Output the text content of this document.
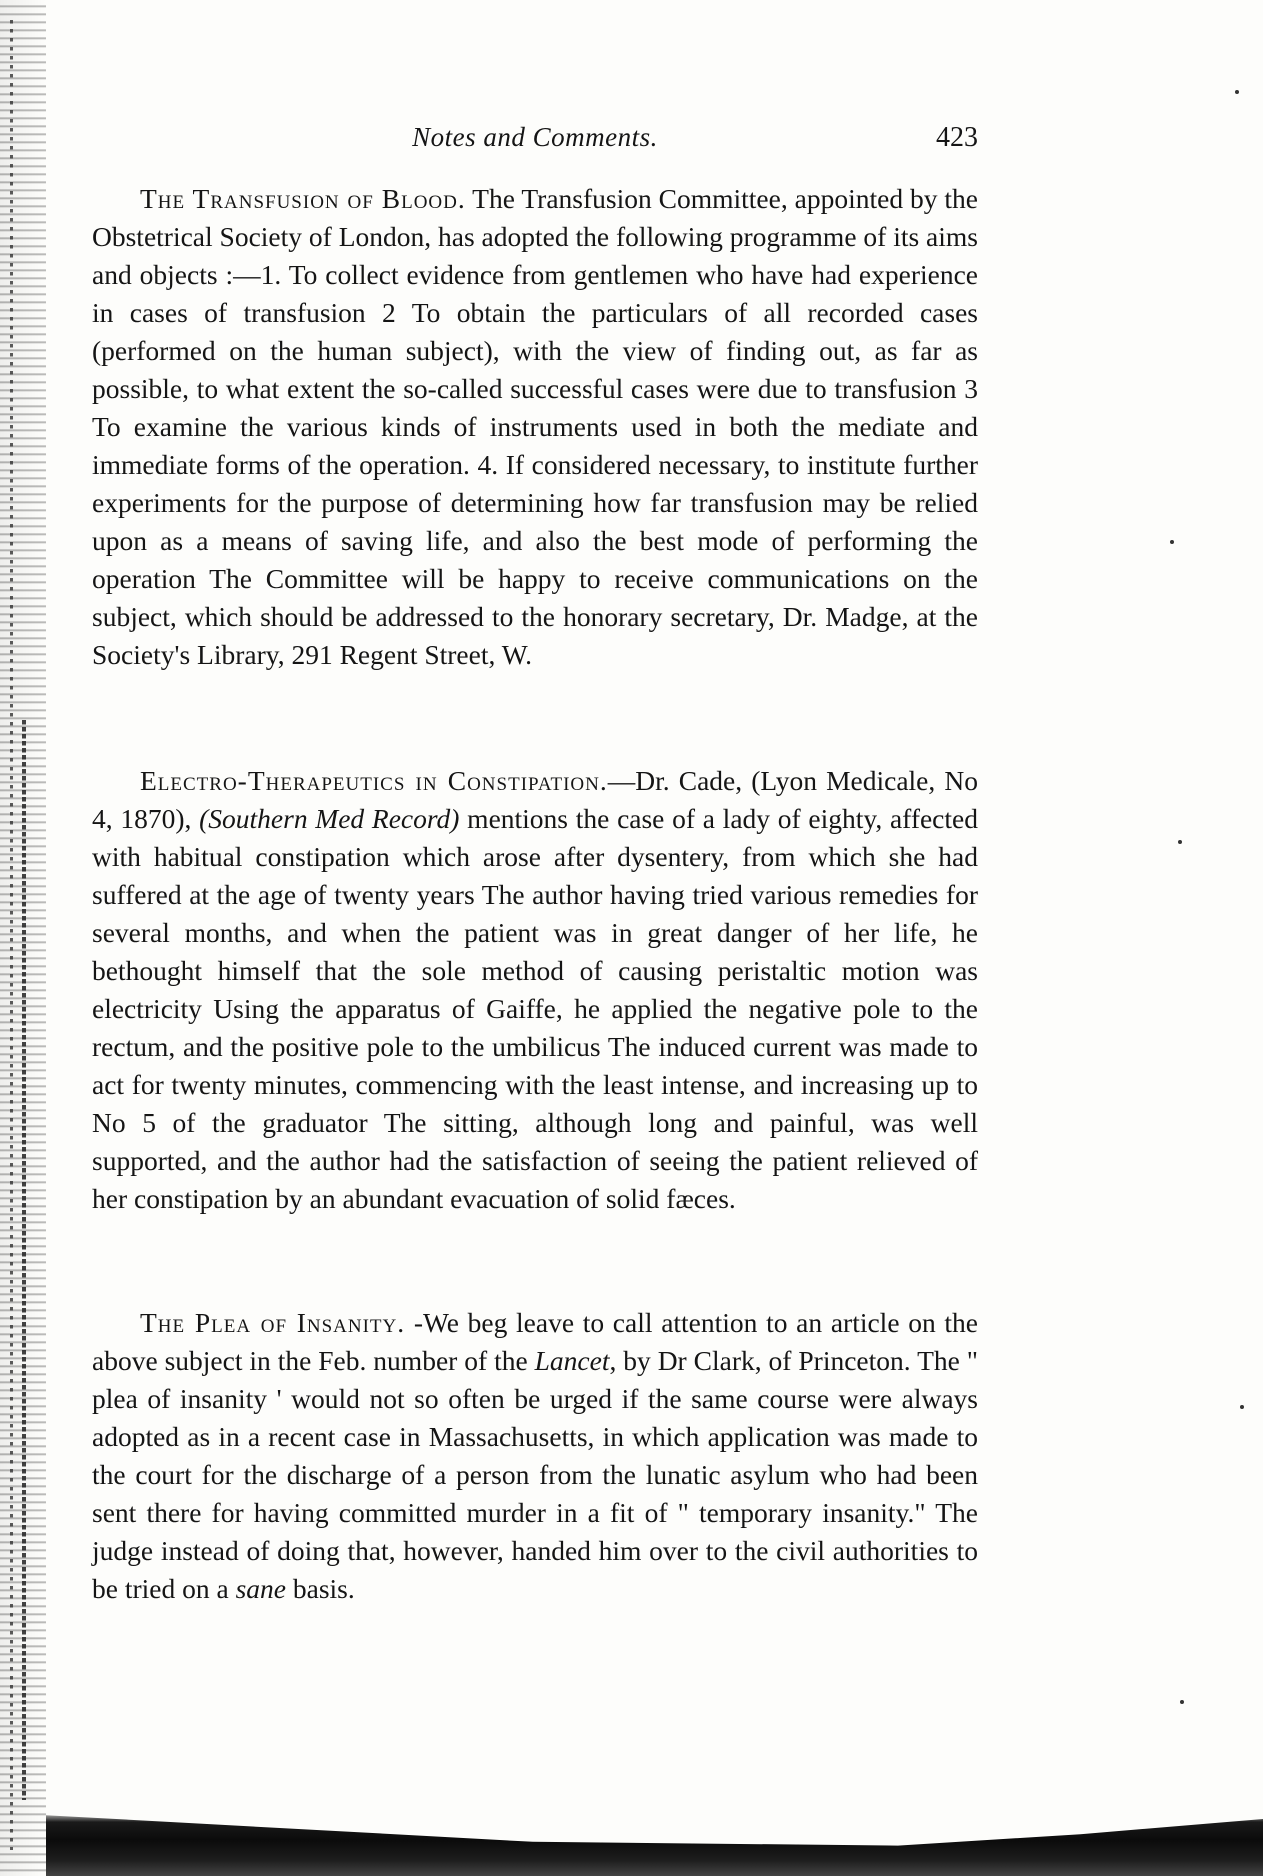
Notes and Comments.	423

The Transfusion of Blood. The Transfusion Committee, appointed by the Obstetrical Society of London, has adopted the following programme of its aims and objects :—1. To collect evidence from gentlemen who have had experience in cases of transfusion 2 To obtain the particulars of all recorded cases (performed on the human subject), with the view of finding out, as far as possible, to what extent the so-called successful cases were due to transfusion 3 To examine the various kinds of instruments used in both the mediate and immediate forms of the operation. 4. If considered necessary, to institute further experiments for the purpose of determining how far transfusion may be relied upon as a means of saving life, and also the best mode of performing the operation The Committee will be happy to receive communications on the subject, which should be addressed to the honorary secretary, Dr. Madge, at the Society's Library, 291 Regent Street, W.

Electro-Therapeutics in Constipation.—Dr. Cade, (Lyon Medicale, No 4, 1870), (Southern Med Record) mentions the case of a lady of eighty, affected with habitual constipation which arose after dysentery, from which she had suffered at the age of twenty years The author having tried various remedies for several months, and when the patient was in great danger of her life, he bethought himself that the sole method of causing peristaltic motion was electricity Using the apparatus of Gaiffe, he applied the negative pole to the rectum, and the positive pole to the umbilicus The induced current was made to act for twenty minutes, commencing with the least intense, and increasing up to No 5 of the graduator The sitting, although long and painful, was well supported, and the author had the satisfaction of seeing the patient relieved of her constipation by an abundant evacuation of solid fæces.

The Plea of Insanity. -We beg leave to call attention to an article on the above subject in the Feb. number of the Lancet, by Dr Clark, of Princeton. The " plea of insanity ' would not so often be urged if the same course were always adopted as in a recent case in Massachusetts, in which application was made to the court for the discharge of a person from the lunatic asylum who had been sent there for having committed murder in a fit of " temporary insanity." The judge instead of doing that, however, handed him over to the civil authorities to be tried on a sane basis.
